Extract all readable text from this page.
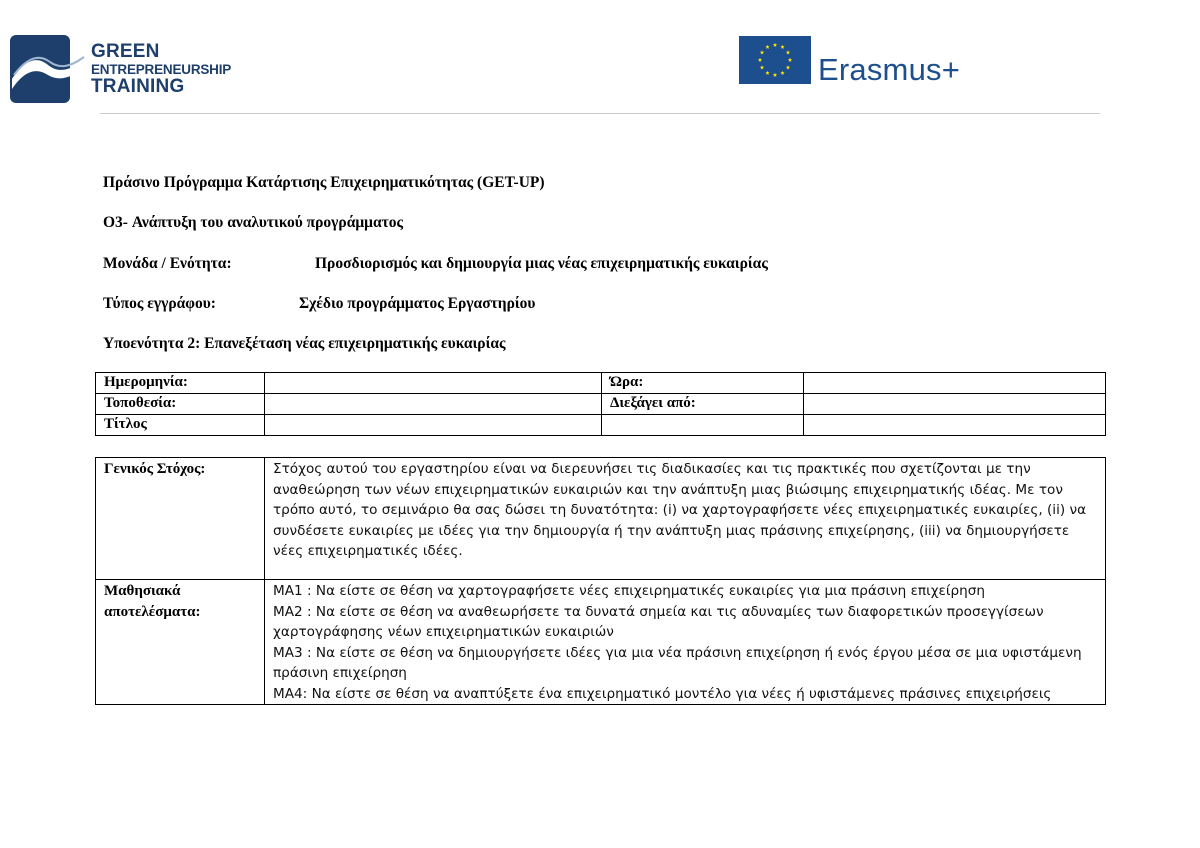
GREEN
ENTREPRENEURSHIP
TRAINING	Erasmus+
Πράσινο Πρόγραμμα Κατάρτισης Επιχειρηματικότητας (GET-UP)
O3- Ανάπτυξη του αναλυτικού προγράμματος
Μονάδα / Ενότητα:	Προσδιορισμός και δημιουργία μιας νέας επιχειρηματικής ευκαιρίας
Τύπος εγγράφου:	Σχέδιο προγράμματος Εργαστηρίου
Υποενότητα 2: Επανεξέταση νέας επιχειρηματικής ευκαιρίας
Ημερομηνία:		Ώρα:	
Τοποθεσία:		Διεξάγει από:	
Τίτλος			
Γενικός Στόχος:	Στόχος αυτού του εργαστηρίου είναι να διερευνήσει τις διαδικασίες και τις πρακτικές που σχετίζονται με την αναθεώρηση των νέων επιχειρηματικών ευκαιριών και την ανάπτυξη μιας βιώσιμης επιχειρηματικής ιδέας. Με τον τρόπο αυτό, το σεμινάριο θα σας δώσει τη δυνατότητα: (i) να χαρτογραφήσετε νέες επιχειρηματικές ευκαιρίες, (ii) να συνδέσετε ευκαιρίες με ιδέες για την δημιουργία ή την ανάπτυξη μιας πράσινης επιχείρησης, (iii) να δημιουργήσετε νέες επιχειρηματικές ιδέες.
Μαθησιακά αποτελέσματα:	ΜΑ1 : Να είστε σε θέση να χαρτογραφήσετε νέες επιχειρηματικές ευκαιρίες για μια πράσινη επιχείρηση
ΜΑ2 : Να είστε σε θέση να αναθεωρήσετε τα δυνατά σημεία και τις αδυναμίες των διαφορετικών προσεγγίσεων χαρτογράφησης νέων επιχειρηματικών ευκαιριών
ΜΑ3 : Να είστε σε θέση να δημιουργήσετε ιδέες για μια νέα πράσινη επιχείρηση ή ενός έργου μέσα σε μια υφιστάμενη πράσινη επιχείρηση
ΜΑ4: Να είστε σε θέση να αναπτύξετε ένα επιχειρηματικό μοντέλο για νέες ή υφιστάμενες πράσινες επιχειρήσεις
